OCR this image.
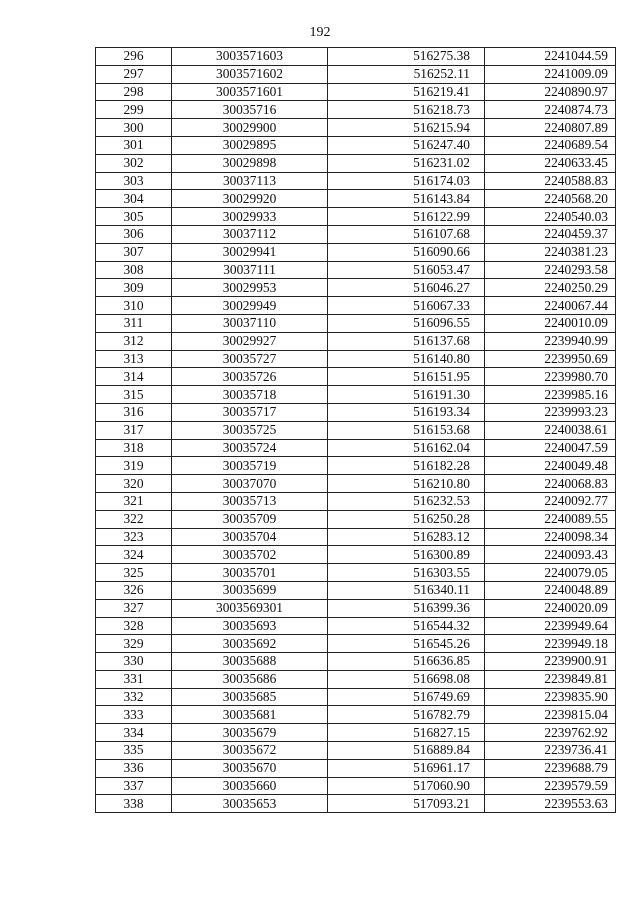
192
296	3003571603	516275.38	2241044.59
297	3003571602	516252.11	2241009.09
298	3003571601	516219.41	2240890.97
299	30035716	516218.73	2240874.73
300	30029900	516215.94	2240807.89
301	30029895	516247.40	2240689.54
302	30029898	516231.02	2240633.45
303	30037113	516174.03	2240588.83
304	30029920	516143.84	2240568.20
305	30029933	516122.99	2240540.03
306	30037112	516107.68	2240459.37
307	30029941	516090.66	2240381.23
308	30037111	516053.47	2240293.58
309	30029953	516046.27	2240250.29
310	30029949	516067.33	2240067.44
311	30037110	516096.55	2240010.09
312	30029927	516137.68	2239940.99
313	30035727	516140.80	2239950.69
314	30035726	516151.95	2239980.70
315	30035718	516191.30	2239985.16
316	30035717	516193.34	2239993.23
317	30035725	516153.68	2240038.61
318	30035724	516162.04	2240047.59
319	30035719	516182.28	2240049.48
320	30037070	516210.80	2240068.83
321	30035713	516232.53	2240092.77
322	30035709	516250.28	2240089.55
323	30035704	516283.12	2240098.34
324	30035702	516300.89	2240093.43
325	30035701	516303.55	2240079.05
326	30035699	516340.11	2240048.89
327	3003569301	516399.36	2240020.09
328	30035693	516544.32	2239949.64
329	30035692	516545.26	2239949.18
330	30035688	516636.85	2239900.91
331	30035686	516698.08	2239849.81
332	30035685	516749.69	2239835.90
333	30035681	516782.79	2239815.04
334	30035679	516827.15	2239762.92
335	30035672	516889.84	2239736.41
336	30035670	516961.17	2239688.79
337	30035660	517060.90	2239579.59
338	30035653	517093.21	2239553.63
